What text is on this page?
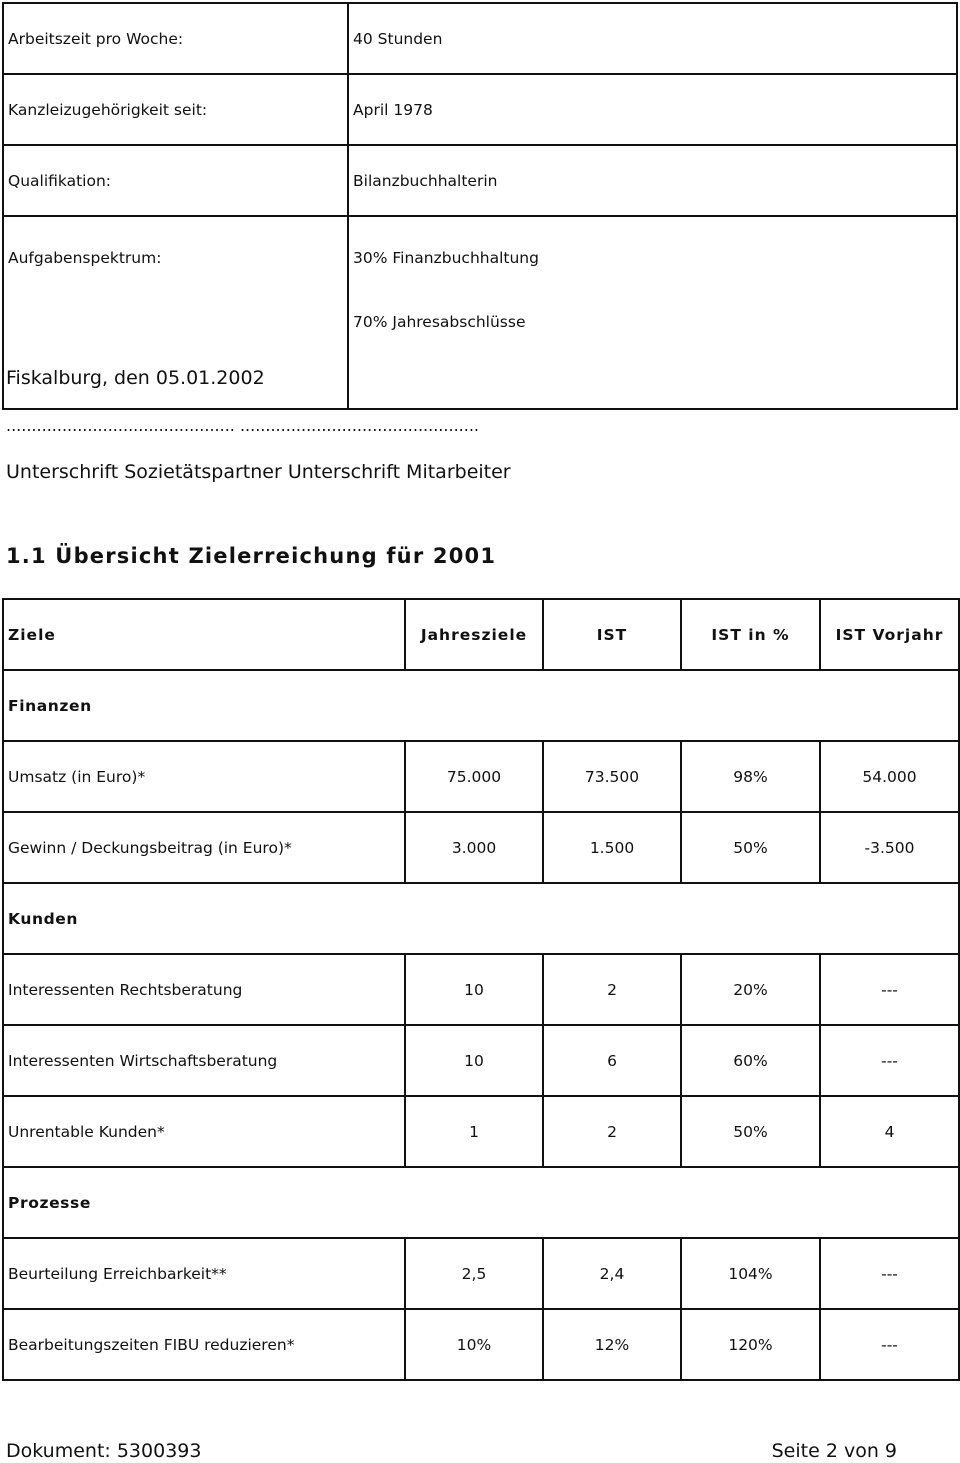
Arbeitszeit pro Woche:	40 Stunden
Kanzleizugehörigkeit seit:	April 1978
Qualifikation:	Bilanzbuchhalterin

Aufgabenspektrum:	30% Finanzbuchhaltung
70% Jahresabschlüsse
Fiskalburg, den 05.01.2002
............................................. ...............................................
Unterschrift Sozietätspartner Unterschrift Mitarbeiter
1.1 Übersicht Zielerreichung für 2001
Ziele	Jahresziele	IST	IST in %	IST Vorjahr
Finanzen				
Umsatz (in Euro)*	75.000	73.500	98%	54.000
Gewinn / Deckungsbeitrag (in Euro)*	3.000	1.500	50%	-3.500
Kunden				
Interessenten Rechtsberatung	10	2	20%	---
Interessenten Wirtschaftsberatung	10	6	60%	---
Unrentable Kunden*	1	2	50%	4
Prozesse				
Beurteilung Erreichbarkeit**	2,5	2,4	104%	---
Bearbeitungszeiten FIBU reduzieren*	10%	12%	120%	---
Dokument: 5300393	Seite 2 von 9
